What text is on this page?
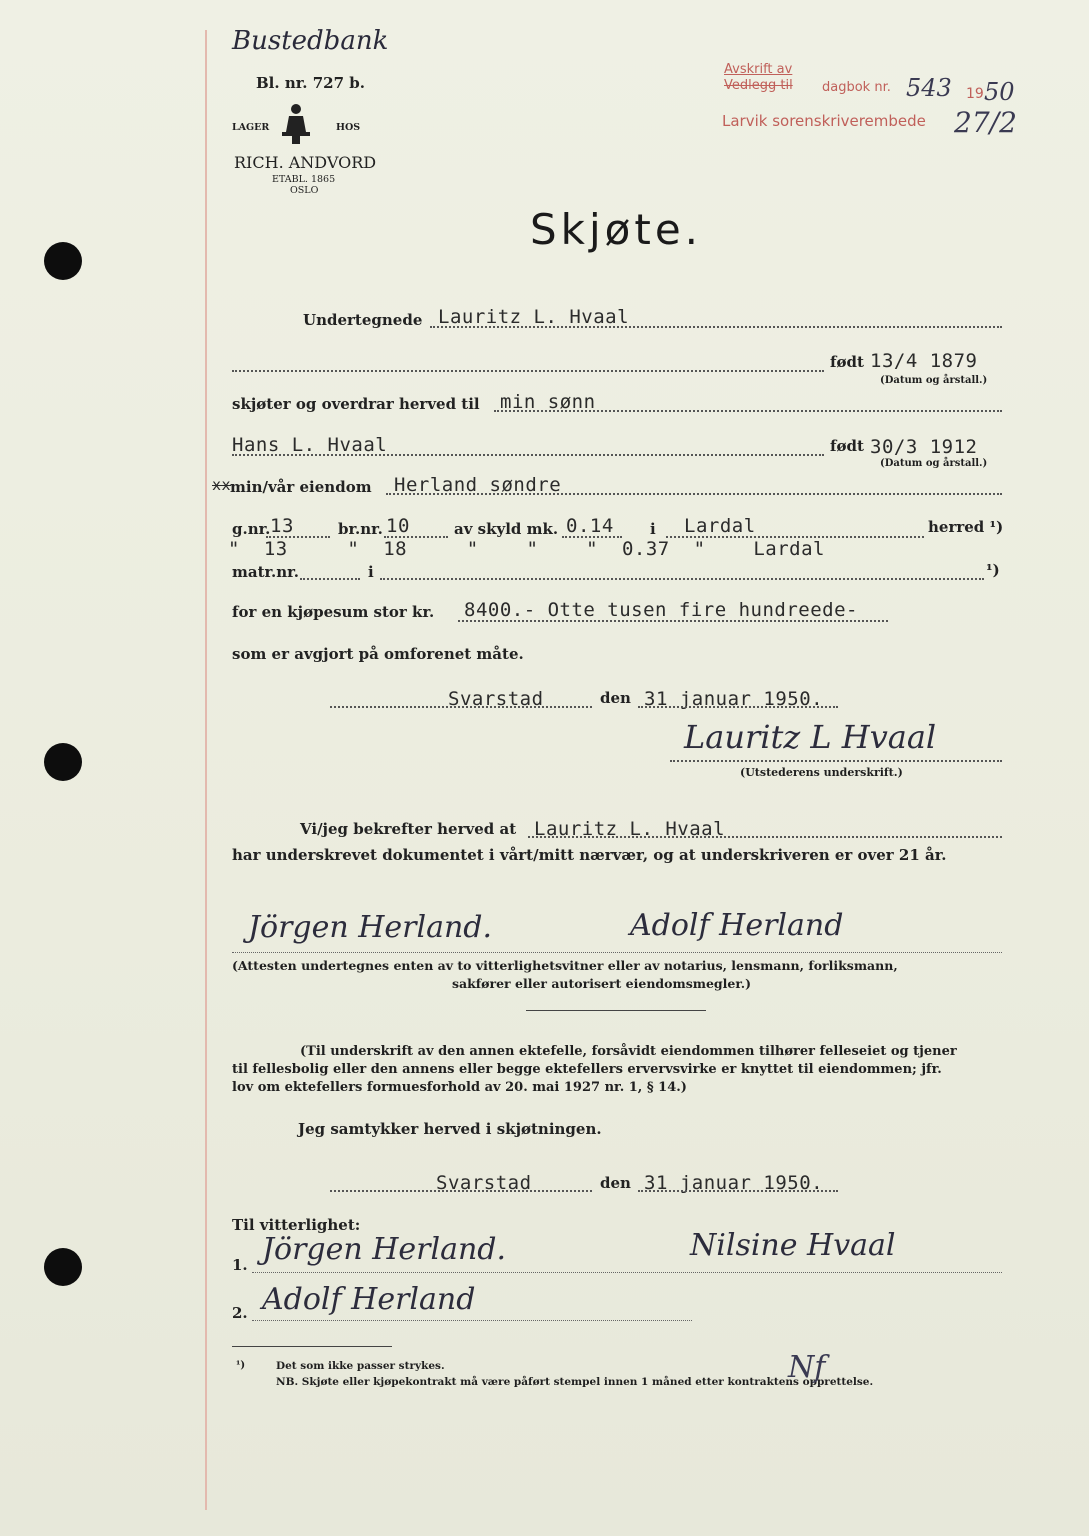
Bustedbank
Bl. nr. 727 b.
LAGER	HOS
RICH. ANDVORD
ETABL. 1865
OSLO
Avskrift av
Vedlegg til dagbok nr. 543 19 50
Larvik sorenskriverembede 27/2
Skjøte.
Undertegnede Lauritz L. Hvaal
født 13/4 1879
(Datum og årstall.)
skjøter og overdrar herved til min sønn
Hans L. Hvaal	født 30/3 1912
(Datum og årstall.)
xx
min/vår eiendom Herland søndre
g.nr. 13	br.nr. 10	av skyld mk. 0.14 i Lardal	herred ¹)
"  13     "  18     "    "    "  0.37  "    Lardal
matr.nr.	i	¹)
for en kjøpesum stor kr. 8400.- Otte tusen fire hundreede-
som er avgjort på omforenet måte.
Svarstad	den 31 januar 1950.
Lauritz L Hvaal
(Utstederens underskrift.)
Vi/jeg bekrefter herved at Lauritz L. Hvaal
har underskrevet dokumentet i vårt/mitt nærvær, og at underskriveren er over 21 år.
Jörgen Herland.	Adolf Herland
(Attesten undertegnes enten av to vitterlighetsvitner eller av notarius, lensmann, forliksmann,
sakfører eller autorisert eiendomsmegler.)
(Til underskrift av den annen ektefelle, forsåvidt eiendommen tilhører felleseiet og tjener
til fellesbolig eller den annens eller begge ektefellers ervervsvirke er knyttet til eiendommen; jfr.
lov om ektefellers formuesforhold av 20. mai 1927 nr. 1, § 14.)
Jeg samtykker herved i skjøtningen.
Svarstad	den 31 januar 1950.
Til vitterlighet:
1. Jörgen Herland.	Nilsine Hvaal
2. Adolf Herland
¹)	Det som ikke passer strykes.
NB. Skjøte eller kjøpekontrakt må være påført stempel innen 1 måned etter kontraktens opprettelse.
Nf
